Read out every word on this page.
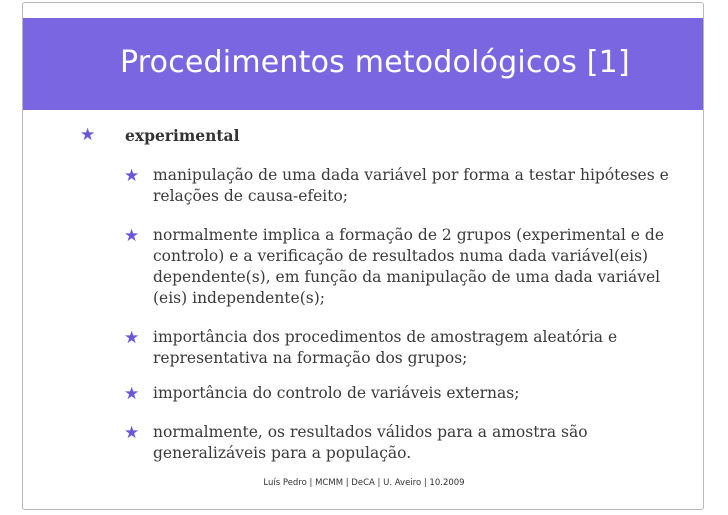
Procedimentos metodológicos [1]
★ experimental
★ manipulação de uma dada variável por forma a testar hipóteses e
relações de causa-efeito;
★ normalmente implica a formação de 2 grupos (experimental e de
controlo) e a verificação de resultados numa dada variável(eis)
dependente(s), em função da manipulação de uma dada variável
(eis) independente(s);
★ importância dos procedimentos de amostragem aleatória e
representativa na formação dos grupos;
★ importância do controlo de variáveis externas;
★ normalmente, os resultados válidos para a amostra são
generalizáveis para a população.
Luís Pedro | MCMM | DeCA | U. Aveiro | 10.2009
